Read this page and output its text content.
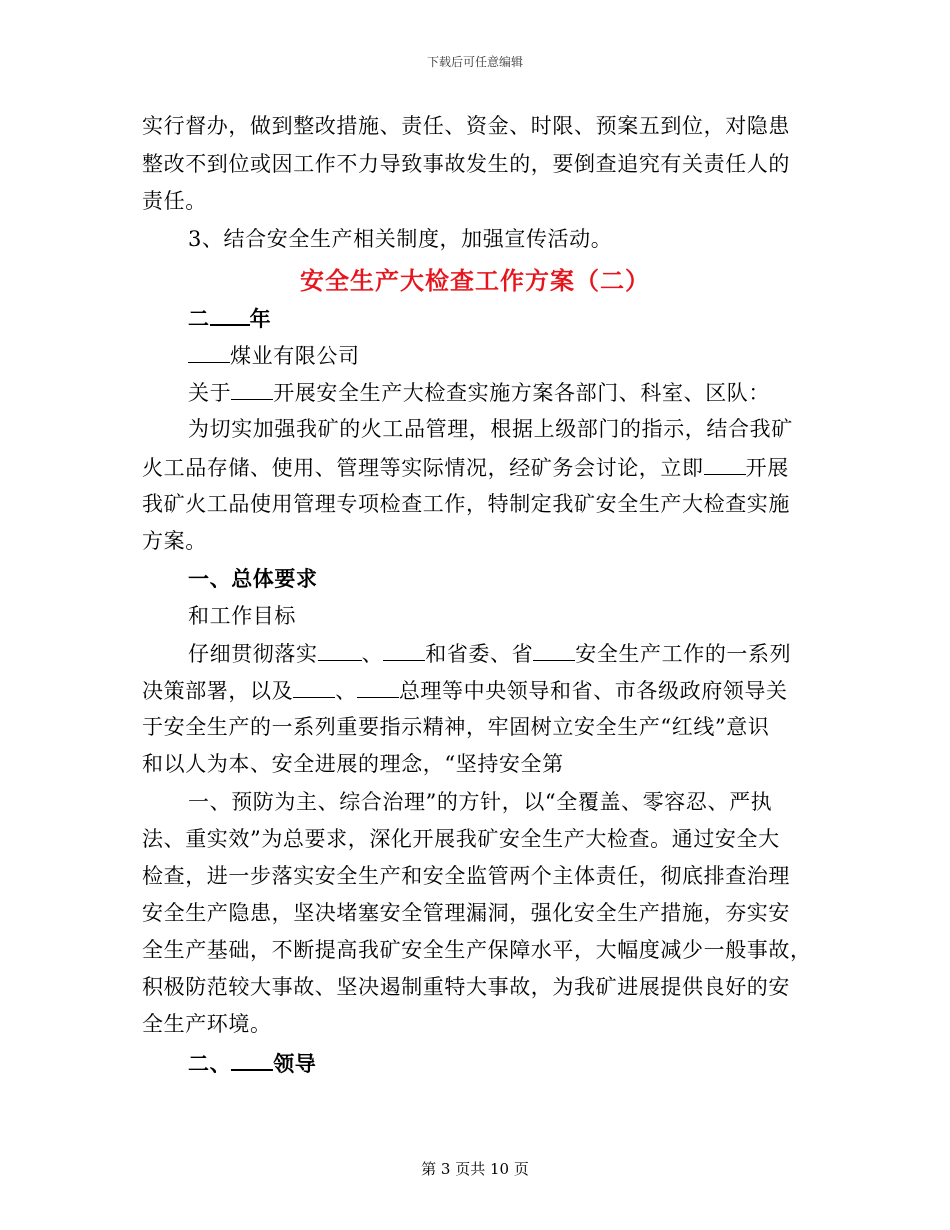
下载后可任意编辑
实行督办，做到整改措施、责任、资金、时限、预案五到位，对隐患
整改不到位或因工作不力导致事故发生的，要倒查追究有关责任人的
责任。
3、结合安全生产相关制度，加强宣传活动。
安全生产大检查工作方案（二）
二 年
煤业有限公司
关于 开展安全生产大检查实施方案各部门、科室、区队：
为切实加强我矿的火工品管理，根据上级部门的指示，结合我矿
火工品存储、使用、管理等实际情况，经矿务会讨论，立即 开展
我矿火工品使用管理专项检查工作，特制定我矿安全生产大检查实施
方案。
一、总体要求
和工作目标
仔细贯彻落实 、 和省委、省 安全生产工作的一系列
决策部署，以及 、 总理等中央领导和省、市各级政府领导关
于安全生产的一系列重要指示精神，牢固树立安全生产“红线”意识
和以人为本、安全进展的理念，“坚持安全第
一、预防为主、综合治理”的方针，以“全覆盖、零容忍、严执
法、重实效”为总要求，深化开展我矿安全生产大检查。通过安全大
检查，进一步落实安全生产和安全监管两个主体责任，彻底排查治理
安全生产隐患，坚决堵塞安全管理漏洞，强化安全生产措施，夯实安
全生产基础，不断提高我矿安全生产保障水平，大幅度减少一般事故，
积极防范较大事故、坚决遏制重特大事故，为我矿进展提供良好的安
全生产环境。
二、 领导
第 3 页共 10 页
